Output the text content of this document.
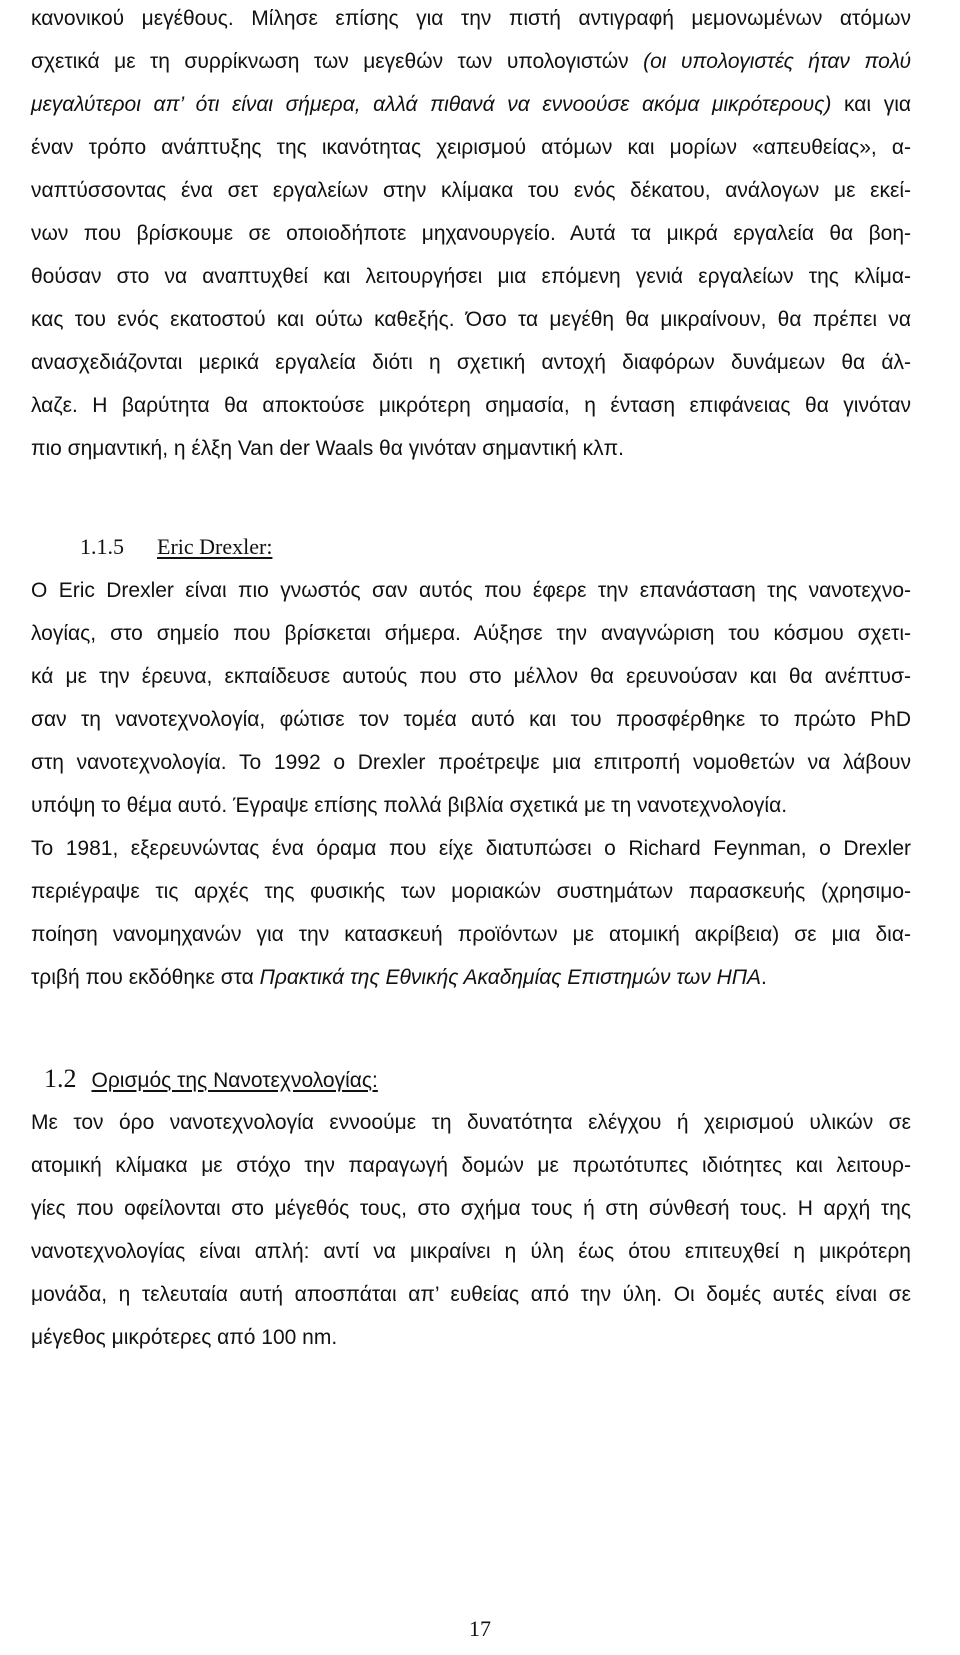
κανονικού μεγέθους. Μίλησε επίσης για την πιστή αντιγραφή μεμονωμένων ατόμων
σχετικά με τη συρρίκνωση των μεγεθών των υπολογιστών (οι υπολογιστές ήταν πολύ
μεγαλύτεροι απ’ ότι είναι σήμερα, αλλά πιθανά να εννοούσε ακόμα μικρότερους) και για
έναν τρόπο ανάπτυξης της ικανότητας χειρισμού ατόμων και μορίων «απευθείας», α-
ναπτύσσοντας ένα σετ εργαλείων στην κλίμακα του ενός δέκατου, ανάλογων με εκεί-
νων που βρίσκουμε σε οποιοδήποτε μηχανουργείο. Αυτά τα μικρά εργαλεία θα βοη-
θούσαν στο να αναπτυχθεί και λειτουργήσει μια επόμενη γενιά εργαλείων της κλίμα-
κας του ενός εκατοστού και ούτω καθεξής. Όσο τα μεγέθη θα μικραίνουν, θα πρέπει να
ανασχεδιάζονται μερικά εργαλεία διότι η σχετική αντοχή διαφόρων δυνάμεων θα άλ-
λαζε. Η βαρύτητα θα αποκτούσε μικρότερη σημασία, η ένταση επιφάνειας θα γινόταν
πιο σημαντική, η έλξη Van der Waals θα γινόταν σημαντική κλπ.
1.1.5 Eric Drexler:
Ο Eric Drexler είναι πιο γνωστός σαν αυτός που έφερε την επανάσταση της νανοτεχνο-
λογίας, στο σημείο που βρίσκεται σήμερα. Αύξησε την αναγνώριση του κόσμου σχετι-
κά με την έρευνα, εκπαίδευσε αυτούς που στο μέλλον θα ερευνούσαν και θα ανέπτυσ-
σαν τη νανοτεχνολογία, φώτισε τον τομέα αυτό και του προσφέρθηκε το πρώτο PhD
στη νανοτεχνολογία. Το 1992 ο Drexler προέτρεψε μια επιτροπή νομοθετών να λάβουν
υπόψη το θέμα αυτό. Έγραψε επίσης πολλά βιβλία σχετικά με τη νανοτεχνολογία.
Το 1981, εξερευνώντας ένα όραμα που είχε διατυπώσει ο Richard Feynman, ο Drexler
περιέγραψε τις αρχές της φυσικής των μοριακών συστημάτων παρασκευής (χρησιμο-
ποίηση νανομηχανών για την κατασκευή προϊόντων με ατομική ακρίβεια) σε μια δια-
τριβή που εκδόθηκε στα Πρακτικά της Εθνικής Ακαδημίας Επιστημών των ΗΠΑ.
1.2 Ορισμός της Νανοτεχνολογίας:
Με τον όρο νανοτεχνολογία εννοούμε τη δυνατότητα ελέγχου ή χειρισμού υλικών σε
ατομική κλίμακα με στόχο την παραγωγή δομών με πρωτότυπες ιδιότητες και λειτουρ-
γίες που οφείλονται στο μέγεθός τους, στο σχήμα τους ή στη σύνθεσή τους. Η αρχή της
νανοτεχνολογίας είναι απλή: αντί να μικραίνει η ύλη έως ότου επιτευχθεί η μικρότερη
μονάδα, η τελευταία αυτή αποσπάται απ’ ευθείας από την ύλη. Οι δομές αυτές είναι σε
μέγεθος μικρότερες από 100 nm.
17
